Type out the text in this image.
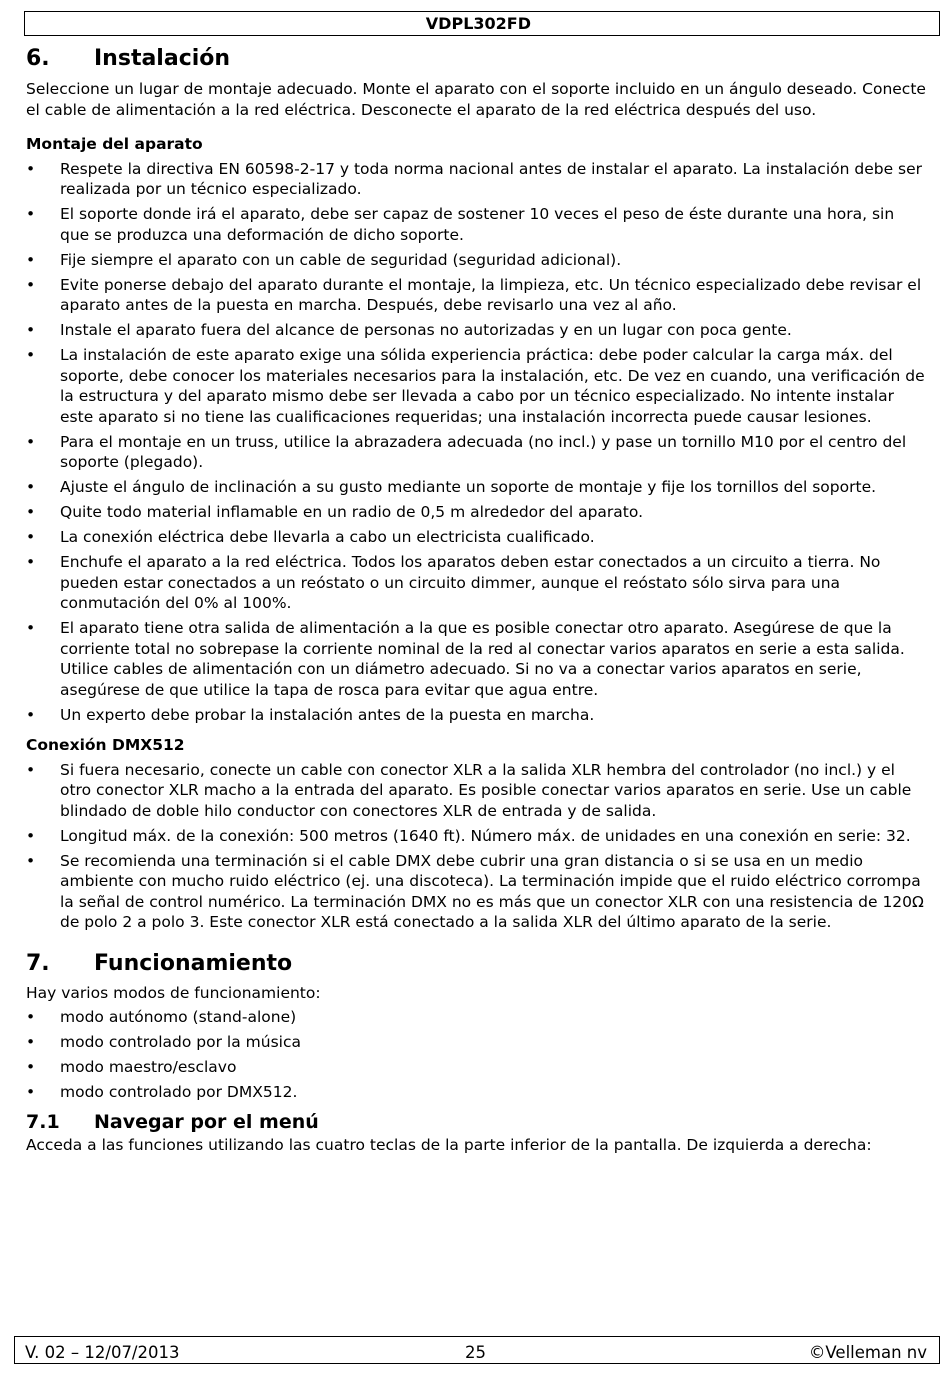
VDPL302FD
6.	Instalación

Seleccione un lugar de montaje adecuado. Monte el aparato con el soporte incluido en un ángulo deseado. Conecte el cable de alimentación a la red eléctrica. Desconecte el aparato de la red eléctrica después del uso.

Montaje del aparato

•	Respete la directiva EN 60598-2-17 y toda norma nacional antes de instalar el aparato. La instalación debe ser realizada por un técnico especializado.
•	El soporte donde irá el aparato, debe ser capaz de sostener 10 veces el peso de éste durante una hora, sin que se produzca una deformación de dicho soporte.
•	Fije siempre el aparato con un cable de seguridad (seguridad adicional).
•	Evite ponerse debajo del aparato durante el montaje, la limpieza, etc. Un técnico especializado debe revisar el aparato antes de la puesta en marcha. Después, debe revisarlo una vez al año.
•	Instale el aparato fuera del alcance de personas no autorizadas y en un lugar con poca gente.
•	La instalación de este aparato exige una sólida experiencia práctica: debe poder calcular la carga máx. del soporte, debe conocer los materiales necesarios para la instalación, etc. De vez en cuando, una verificación de la estructura y del aparato mismo debe ser llevada a cabo por un técnico especializado. No intente instalar este aparato si no tiene las cualificaciones requeridas; una instalación incorrecta puede causar lesiones.
•	Para el montaje en un truss, utilice la abrazadera adecuada (no incl.) y pase un tornillo M10 por el centro del soporte (plegado).
•	Ajuste el ángulo de inclinación a su gusto mediante un soporte de montaje y fije los tornillos del soporte.
•	Quite todo material inflamable en un radio de 0,5 m alrededor del aparato.
•	La conexión eléctrica debe llevarla a cabo un electricista cualificado.
•	Enchufe el aparato a la red eléctrica. Todos los aparatos deben estar conectados a un circuito a tierra. No pueden estar conectados a un reóstato o un circuito dimmer, aunque el reóstato sólo sirva para una conmutación del 0% al 100%.
•	El aparato tiene otra salida de alimentación a la que es posible conectar otro aparato. Asegúrese de que la corriente total no sobrepase la corriente nominal de la red al conectar varios aparatos en serie a esta salida. Utilice cables de alimentación con un diámetro adecuado. Si no va a conectar varios aparatos en serie, asegúrese de que utilice la tapa de rosca para evitar que agua entre.
•	Un experto debe probar la instalación antes de la puesta en marcha.

Conexión DMX512

•	Si fuera necesario, conecte un cable con conector XLR a la salida XLR hembra del controlador (no incl.) y el otro conector XLR macho a la entrada del aparato. Es posible conectar varios aparatos en serie. Use un cable blindado de doble hilo conductor con conectores XLR de entrada y de salida.
•	Longitud máx. de la conexión: 500 metros (1640 ft). Número máx. de unidades en una conexión en serie: 32.
•	Se recomienda una terminación si el cable DMX debe cubrir una gran distancia o si se usa en un medio ambiente con mucho ruido eléctrico (ej. una discoteca). La terminación impide que el ruido eléctrico corrompa la señal de control numérico. La terminación DMX no es más que un conector XLR con una resistencia de 120Ω de polo 2 a polo 3. Este conector XLR está conectado a la salida XLR del último aparato de la serie.
7.	Funcionamiento

Hay varios modos de funcionamiento:

•	modo autónomo (stand-alone)
•	modo controlado por la música
•	modo maestro/esclavo
•	modo controlado por DMX512.
7.1	Navegar por el menú

Acceda a las funciones utilizando las cuatro teclas de la parte inferior de la pantalla. De izquierda a derecha:

V. 02 – 12/07/2013	25	©Velleman nv
